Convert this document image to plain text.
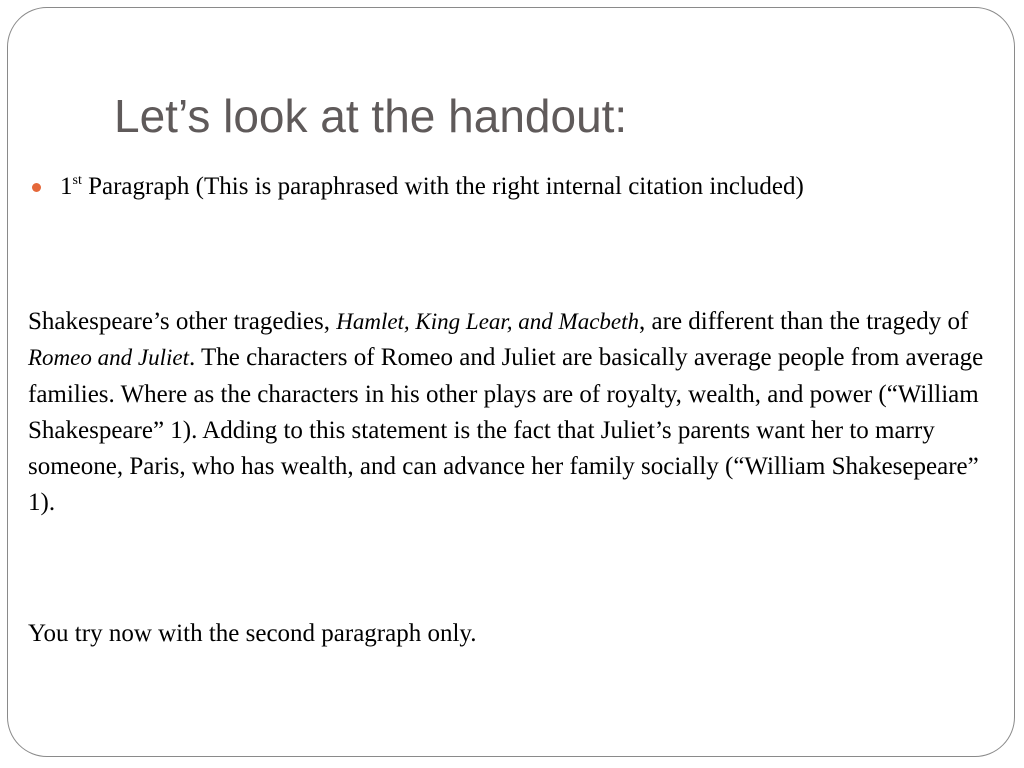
Let’s look at the handout:
1st Paragraph (This is paraphrased with the right internal citation included)

Shakespeare’s other tragedies, Hamlet, King Lear, and Macbeth, are different than the tragedy of Romeo and Juliet. The characters of Romeo and Juliet are basically average people from average families. Where as the characters in his other plays are of royalty, wealth, and power (“William Shakespeare” 1). Adding to this statement is the fact that Juliet’s parents want her to marry someone, Paris, who has wealth, and can advance her family socially (“William Shakesepeare” 1).

You try now with the second paragraph only.
